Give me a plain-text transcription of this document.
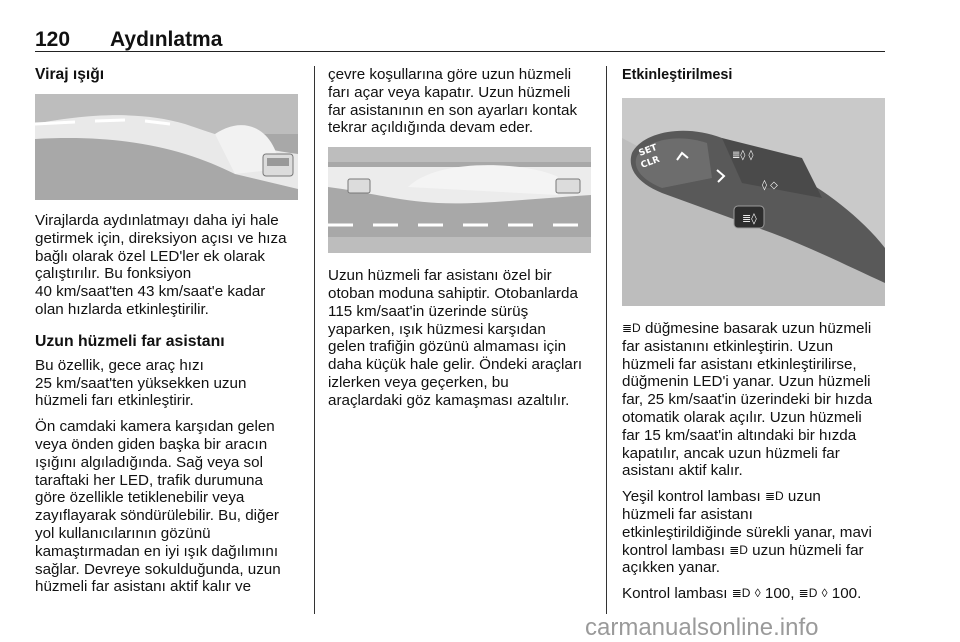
120 Aydınlatma
Viraj ışığı

Virajlarda aydınlatmayı daha iyi hale
getirmek için, direksiyon açısı ve hıza
bağlı olarak özel LED'ler ek olarak
çalıştırılır. Bu fonksiyon
40 km/saat'ten 43 km/saat'e kadar
olan hızlarda etkinleştirilir.

Uzun hüzmeli far asistanı

Bu özellik, gece araç hızı
25 km/saat'ten yüksekken uzun
hüzmeli farı etkinleştirir.

Ön camdaki kamera karşıdan gelen
veya önden giden başka bir aracın
ışığını algıladığında. Sağ veya sol
taraftaki her LED, trafik durumuna
göre özellikle tetiklenebilir veya
zayıflayarak söndürülebilir. Bu, diğer
yol kullanıcılarının gözünü
kamaştırmadan en iyi ışık dağılımını
sağlar. Devreye sokulduğunda, uzun
hüzmeli far asistanı aktif kalır ve

çevre koşullarına göre uzun hüzmeli
farı açar veya kapatır. Uzun hüzmeli
far asistanının en son ayarları kontak
tekrar açıldığında devam eder.

Uzun hüzmeli far asistanı özel bir
otoban moduna sahiptir. Otobanlarda
115 km/saat'in üzerinde sürüş
yaparken, ışık hüzmesi karşıdan
gelen trafiğin gözünü almaması için
daha küçük hale gelir. Öndeki araçları
izlerken veya geçerken, bu
araçlardaki göz kamaşması azaltılır.

Etkinleştirilmesi
≣◊
SET
CLR	≣◊ ◊
◊ ◇

≣D düğmesine basarak uzun hüzmeli
far asistanını etkinleştirin. Uzun
hüzmeli far asistanı etkinleştirilirse,
düğmenin LED'i yanar. Uzun hüzmeli
far, 25 km/saat'in üzerindeki bir hızda
otomatik olarak açılır. Uzun hüzmeli
far 15 km/saat'in altındaki bir hızda
kapatılır, ancak uzun hüzmeli far
asistanı aktif kalır.

Yeşil kontrol lambası ≣D uzun
hüzmeli far asistanı
etkinleştirildiğinde sürekli yanar, mavi
kontrol lambası ≣D uzun hüzmeli far
açıkken yanar.

Kontrol lambası ≣D ◊ 100, ≣D ◊ 100.

carmanualsonline.info
